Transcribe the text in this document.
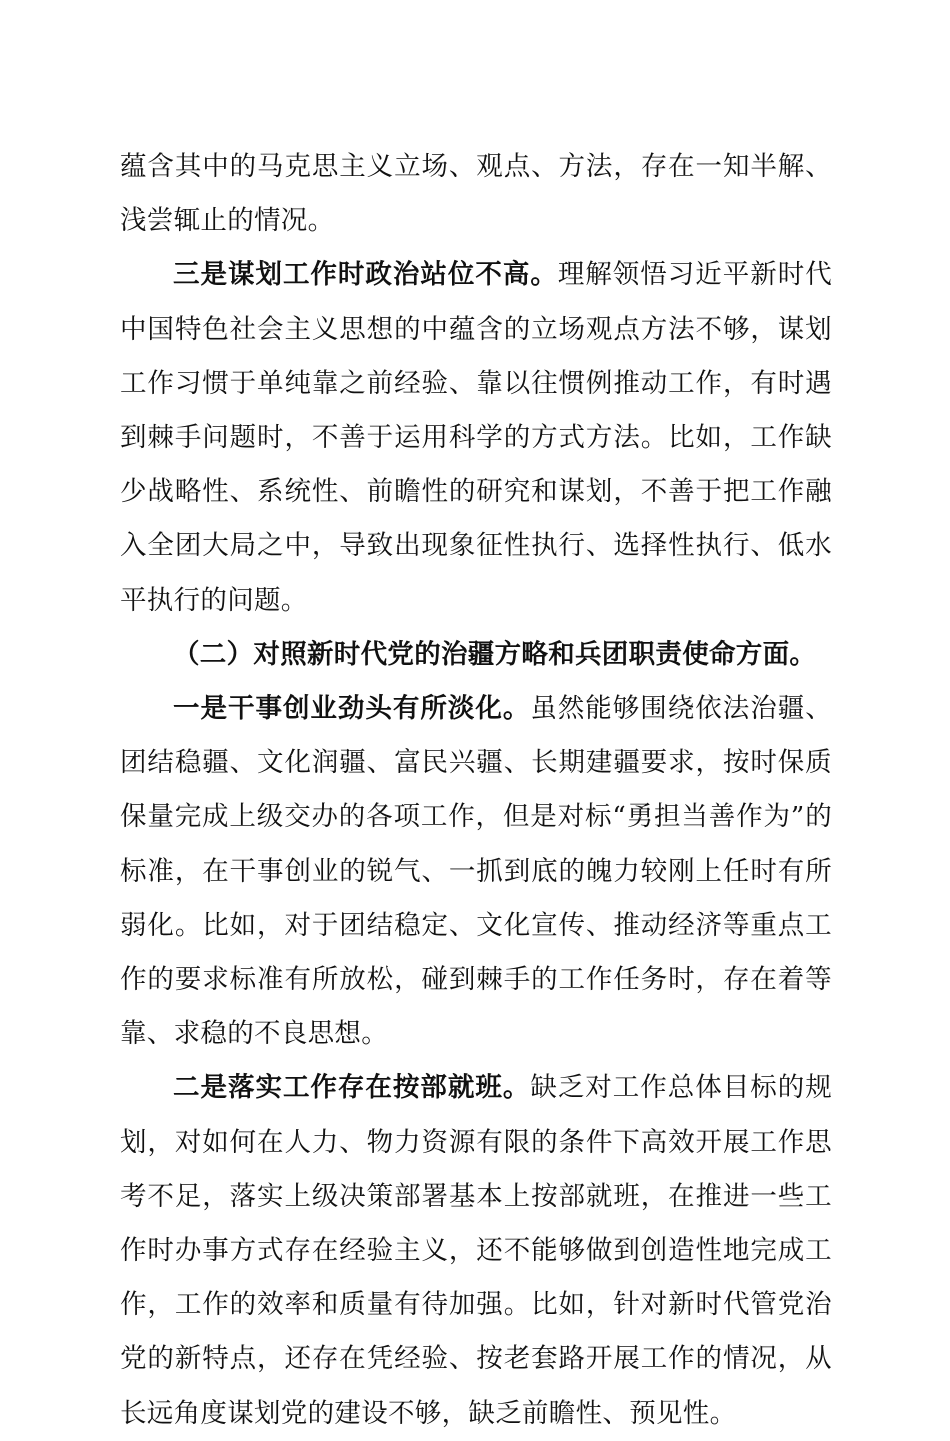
蕴含其中的马克思主义立场、观点、方法，存在一知半解、浅尝辄止的情况。

三是谋划工作时政治站位不高。理解领悟习近平新时代中国特色社会主义思想的中蕴含的立场观点方法不够，谋划工作习惯于单纯靠之前经验、靠以往惯例推动工作，有时遇到棘手问题时，不善于运用科学的方式方法。比如，工作缺少战略性、系统性、前瞻性的研究和谋划，不善于把工作融入全团大局之中，导致出现象征性执行、选择性执行、低水平执行的问题。

（二）对照新时代党的治疆方略和兵团职责使命方面。

一是干事创业劲头有所淡化。虽然能够围绕依法治疆、团结稳疆、文化润疆、富民兴疆、长期建疆要求，按时保质保量完成上级交办的各项工作，但是对标“勇担当善作为”的标准，在干事创业的锐气、一抓到底的魄力较刚上任时有所弱化。比如，对于团结稳定、文化宣传、推动经济等重点工作的要求标准有所放松，碰到棘手的工作任务时，存在着等靠、求稳的不良思想。

二是落实工作存在按部就班。缺乏对工作总体目标的规划，对如何在人力、物力资源有限的条件下高效开展工作思考不足，落实上级决策部署基本上按部就班，在推进一些工作时办事方式存在经验主义，还不能够做到创造性地完成工作，工作的效率和质量有待加强。比如，针对新时代管党治党的新特点，还存在凭经验、按老套路开展工作的情况，从长远角度谋划党的建设不够，缺乏前瞻性、预见性。
